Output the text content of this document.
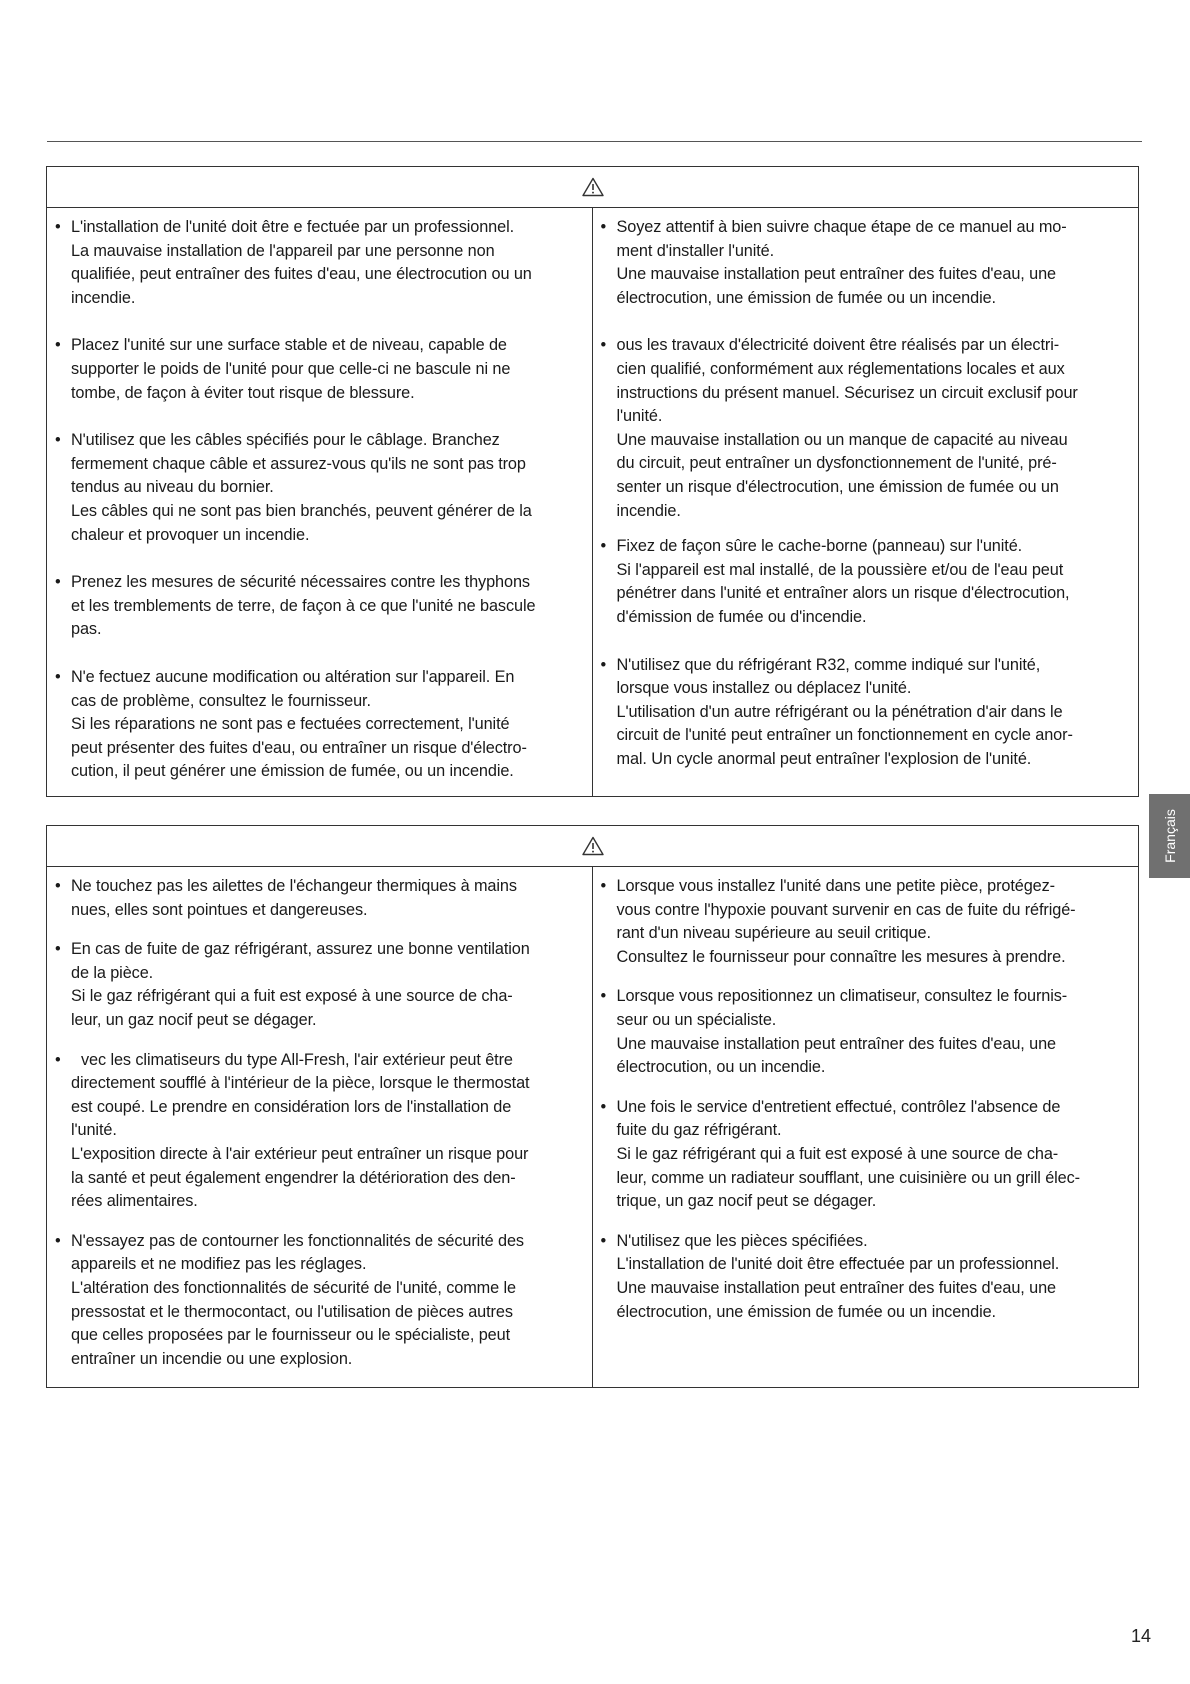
• L'installation de l'unité doit être e fectuée par un professionnel.
La mauvaise installation de l'appareil par une personne non
qualifiée, peut entraîner des fuites d'eau, une électrocution ou un
incendie.
• Placez l'unité sur une surface stable et de niveau, capable de
supporter le poids de l'unité pour que celle-ci ne bascule ni ne
tombe, de façon à éviter tout risque de blessure.
• N'utilisez que les câbles spécifiés pour le câblage. Branchez
fermement chaque câble et assurez-vous qu'ils ne sont pas trop
tendus au niveau du bornier.
Les câbles qui ne sont pas bien branchés, peuvent générer de la
chaleur et provoquer un incendie.
• Prenez les mesures de sécurité nécessaires contre les thyphons
et les tremblements de terre, de façon à ce que l'unité ne bascule
pas.
• N'e fectuez aucune modification ou altération sur l'appareil. En
cas de problème, consultez le fournisseur.
Si les réparations ne sont pas e fectuées correctement, l'unité
peut présenter des fuites d'eau, ou entraîner un risque d'électro-
cution, il peut générer une émission de fumée, ou un incendie.
• Soyez attentif à bien suivre chaque étape de ce manuel au mo-
ment d'installer l'unité.
Une mauvaise installation peut entraîner des fuites d'eau, une
électrocution, une émission de fumée ou un incendie.
• ous les travaux d'électricité doivent être réalisés par un électri-
cien qualifié, conformément aux réglementations locales et aux
instructions du présent manuel. Sécurisez un circuit exclusif pour
l'unité.
Une mauvaise installation ou un manque de capacité au niveau
du circuit, peut entraîner un dysfonctionnement de l'unité, pré-
senter un risque d'électrocution, une émission de fumée ou un
incendie.
• Fixez de façon sûre le cache-borne (panneau) sur l'unité.
Si l'appareil est mal installé, de la poussière et/ou de l'eau peut
pénétrer dans l'unité et entraîner alors un risque d'électrocution,
d'émission de fumée ou d'incendie.
• N'utilisez que du réfrigérant R32, comme indiqué sur l'unité,
lorsque vous installez ou déplacez l'unité.
L'utilisation d'un autre réfrigérant ou la pénétration d'air dans le
circuit de l'unité peut entraîner un fonctionnement en cycle anor-
mal. Un cycle anormal peut entraîner l'explosion de l'unité.
• Ne touchez pas les ailettes de l'échangeur thermiques à mains
nues, elles sont pointues et dangereuses.
• En cas de fuite de gaz réfrigérant, assurez une bonne ventilation
de la pièce.
Si le gaz réfrigérant qui a fuit est exposé à une source de cha-
leur, un gaz nocif peut se dégager.
•	vec les climatiseurs du type All-Fresh, l'air extérieur peut être
directement soufflé à l'intérieur de la pièce, lorsque le thermostat
est coupé. Le prendre en considération lors de l'installation de
l'unité.
L'exposition directe à l'air extérieur peut entraîner un risque pour
la santé et peut également engendrer la détérioration des den-
rées alimentaires.
• N'essayez pas de contourner les fonctionnalités de sécurité des
appareils et ne modifiez pas les réglages.
L'altération des fonctionnalités de sécurité de l'unité, comme le
pressostat et le thermocontact, ou l'utilisation de pièces autres
que celles proposées par le fournisseur ou le spécialiste, peut
entraîner un incendie ou une explosion.
• Lorsque vous installez l'unité dans une petite pièce, protégez-
vous contre l'hypoxie pouvant survenir en cas de fuite du réfrigé-
rant d'un niveau supérieure au seuil critique.
Consultez le fournisseur pour connaître les mesures à prendre.
• Lorsque vous repositionnez un climatiseur, consultez le fournis-
seur ou un spécialiste.
Une mauvaise installation peut entraîner des fuites d'eau, une
électrocution, ou un incendie.
• Une fois le service d'entretient effectué, contrôlez l'absence de
fuite du gaz réfrigérant.
Si le gaz réfrigérant qui a fuit est exposé à une source de cha-
leur, comme un radiateur soufflant, une cuisinière ou un grill élec-
trique, un gaz nocif peut se dégager.
• N'utilisez que les pièces spécifiées.
L'installation de l'unité doit être effectuée par un professionnel.
Une mauvaise installation peut entraîner des fuites d'eau, une
électrocution, une émission de fumée ou un incendie.
Français
14
